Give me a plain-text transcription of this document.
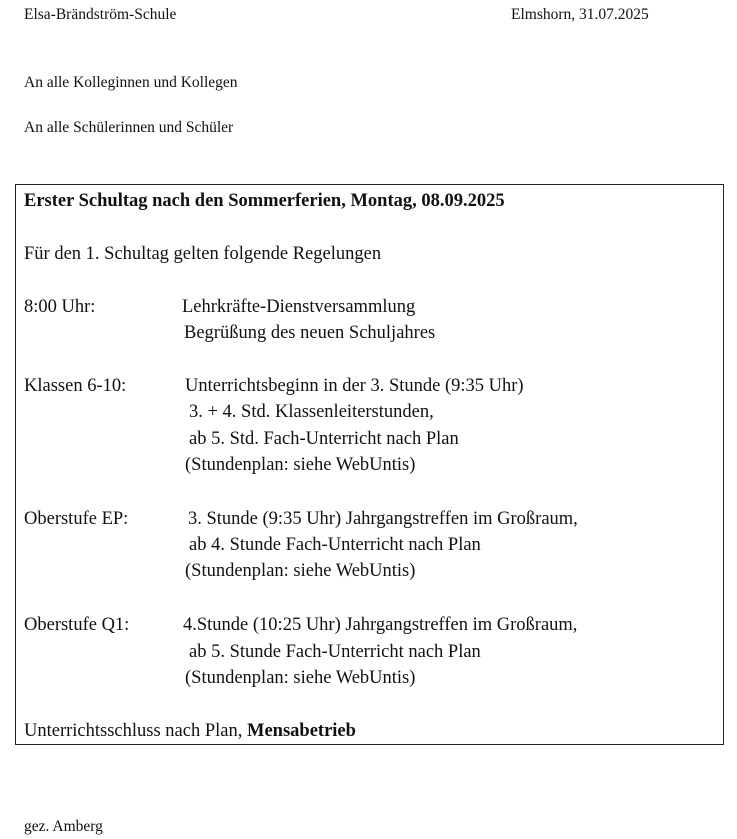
Elsa-Brändström-Schule	Elmshorn, 31.07.2025
An alle Kolleginnen und Kollegen
An alle Schülerinnen und Schüler
Erster Schultag nach den Sommerferien, Montag, 08.09.2025
Für den 1. Schultag gelten folgende Regelungen
8:00 Uhr:	Lehrkräfte-Dienstversammlung
Begrüßung des neuen Schuljahres
Klassen 6-10:	Unterrichtsbeginn in der 3. Stunde (9:35 Uhr)
3. + 4. Std. Klassenleiterstunden,
ab 5. Std. Fach-Unterricht nach Plan
(Stundenplan: siehe WebUntis)
Oberstufe EP:	3. Stunde (9:35 Uhr) Jahrgangstreffen im Großraum,
ab 4. Stunde Fach-Unterricht nach Plan
(Stundenplan: siehe WebUntis)
Oberstufe Q1:	4.Stunde (10:25 Uhr) Jahrgangstreffen im Großraum,
ab 5. Stunde Fach-Unterricht nach Plan
(Stundenplan: siehe WebUntis)
Unterrichtsschluss nach Plan, Mensabetrieb
gez. Amberg
